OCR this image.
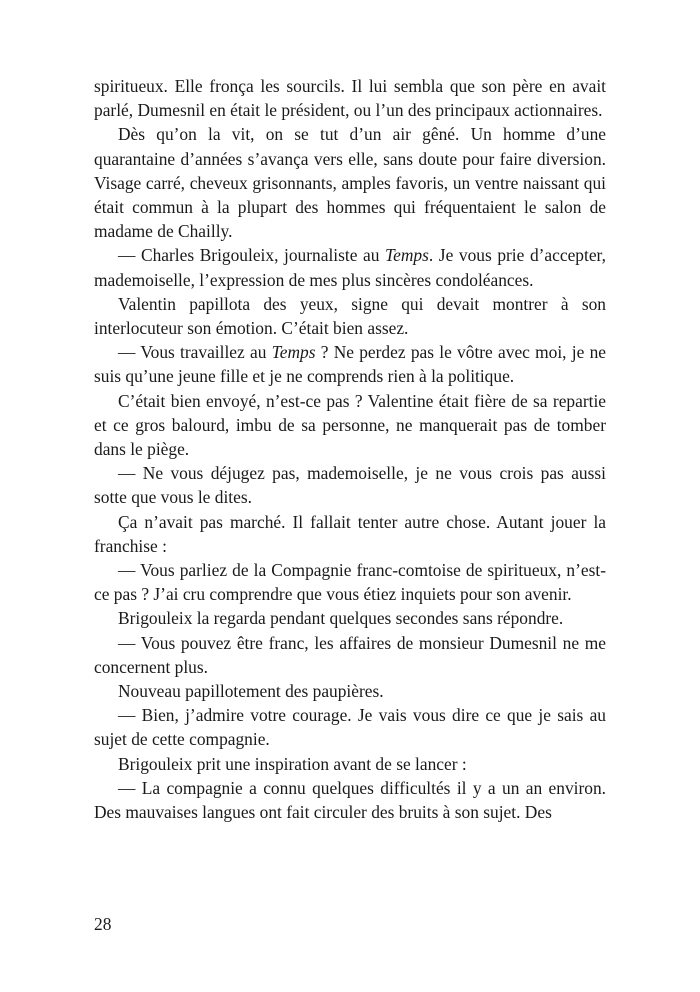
spiritueux. Elle fronça les sourcils. Il lui sembla que son père en avait parlé, Dumesnil en était le président, ou l’un des principaux actionnaires.

Dès qu’on la vit, on se tut d’un air gêné. Un homme d’une quarantaine d’années s’avança vers elle, sans doute pour faire diversion. Visage carré, cheveux grisonnants, amples favoris, un ventre naissant qui était commun à la plupart des hommes qui fréquentaient le salon de madame de Chailly.

— Charles Brigouleix, journaliste au Temps. Je vous prie d’accepter, mademoiselle, l’expression de mes plus sincères condoléances.

Valentin papillota des yeux, signe qui devait montrer à son interlocuteur son émotion. C’était bien assez.

— Vous travaillez au Temps ? Ne perdez pas le vôtre avec moi, je ne suis qu’une jeune fille et je ne comprends rien à la politique.

C’était bien envoyé, n’est-ce pas ? Valentine était fière de sa repartie et ce gros balourd, imbu de sa personne, ne manquerait pas de tomber dans le piège.

— Ne vous déjugez pas, mademoiselle, je ne vous crois pas aussi sotte que vous le dites.

Ça n’avait pas marché. Il fallait tenter autre chose. Autant jouer la franchise :

— Vous parliez de la Compagnie franc-comtoise de spiritueux, n’est-ce pas ? J’ai cru comprendre que vous étiez inquiets pour son avenir.

Brigouleix la regarda pendant quelques secondes sans répondre.

— Vous pouvez être franc, les affaires de monsieur Dumesnil ne me concernent plus.

Nouveau papillotement des paupières.

— Bien, j’admire votre courage. Je vais vous dire ce que je sais au sujet de cette compagnie.

Brigouleix prit une inspiration avant de se lancer :

— La compagnie a connu quelques difficultés il y a un an environ. Des mauvaises langues ont fait circuler des bruits à son sujet. Des

28
